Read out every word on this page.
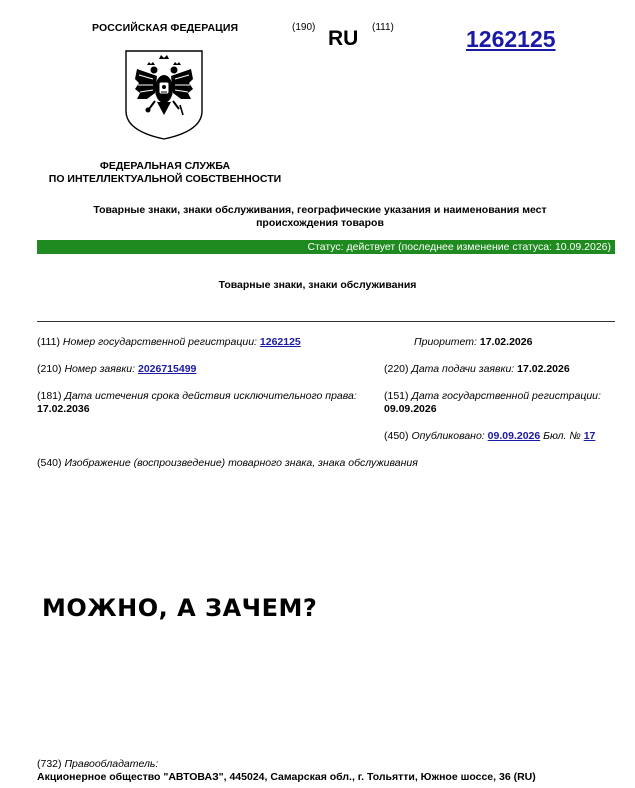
РОССИЙСКАЯ ФЕДЕРАЦИЯ	(190) RU (111)	1262125
ФЕДЕРАЛЬНАЯ СЛУЖБА
ПО ИНТЕЛЛЕКТУАЛЬНОЙ СОБСТВЕННОСТИ
Товарные знаки, знаки обслуживания, географические указания и наименования мест
происхождения товаров
Статус: действует (последнее изменение статуса: 10.09.2026)
Товарные знаки, знаки обслуживания
(111) Номер государственной регистрации: 1262125	Приоритет: 17.02.2026
(210) Номер заявки: 2026715499	(220) Дата подачи заявки: 17.02.2026
(181) Дата истечения срока действия исключительного права:
17.02.2036
(151) Дата государственной регистрации:
09.09.2026
(450) Опубликовано: 09.09.2026 Бюл. № 17
(540) Изображение (воспроизведение) товарного знака, знака обслуживания
МОЖНО, А ЗАЧЕМ?
(732) Правообладатель:
Акционерное общество "АВТОВАЗ", 445024, Самарская обл., г. Тольятти, Южное шоссе, 36 (RU)
